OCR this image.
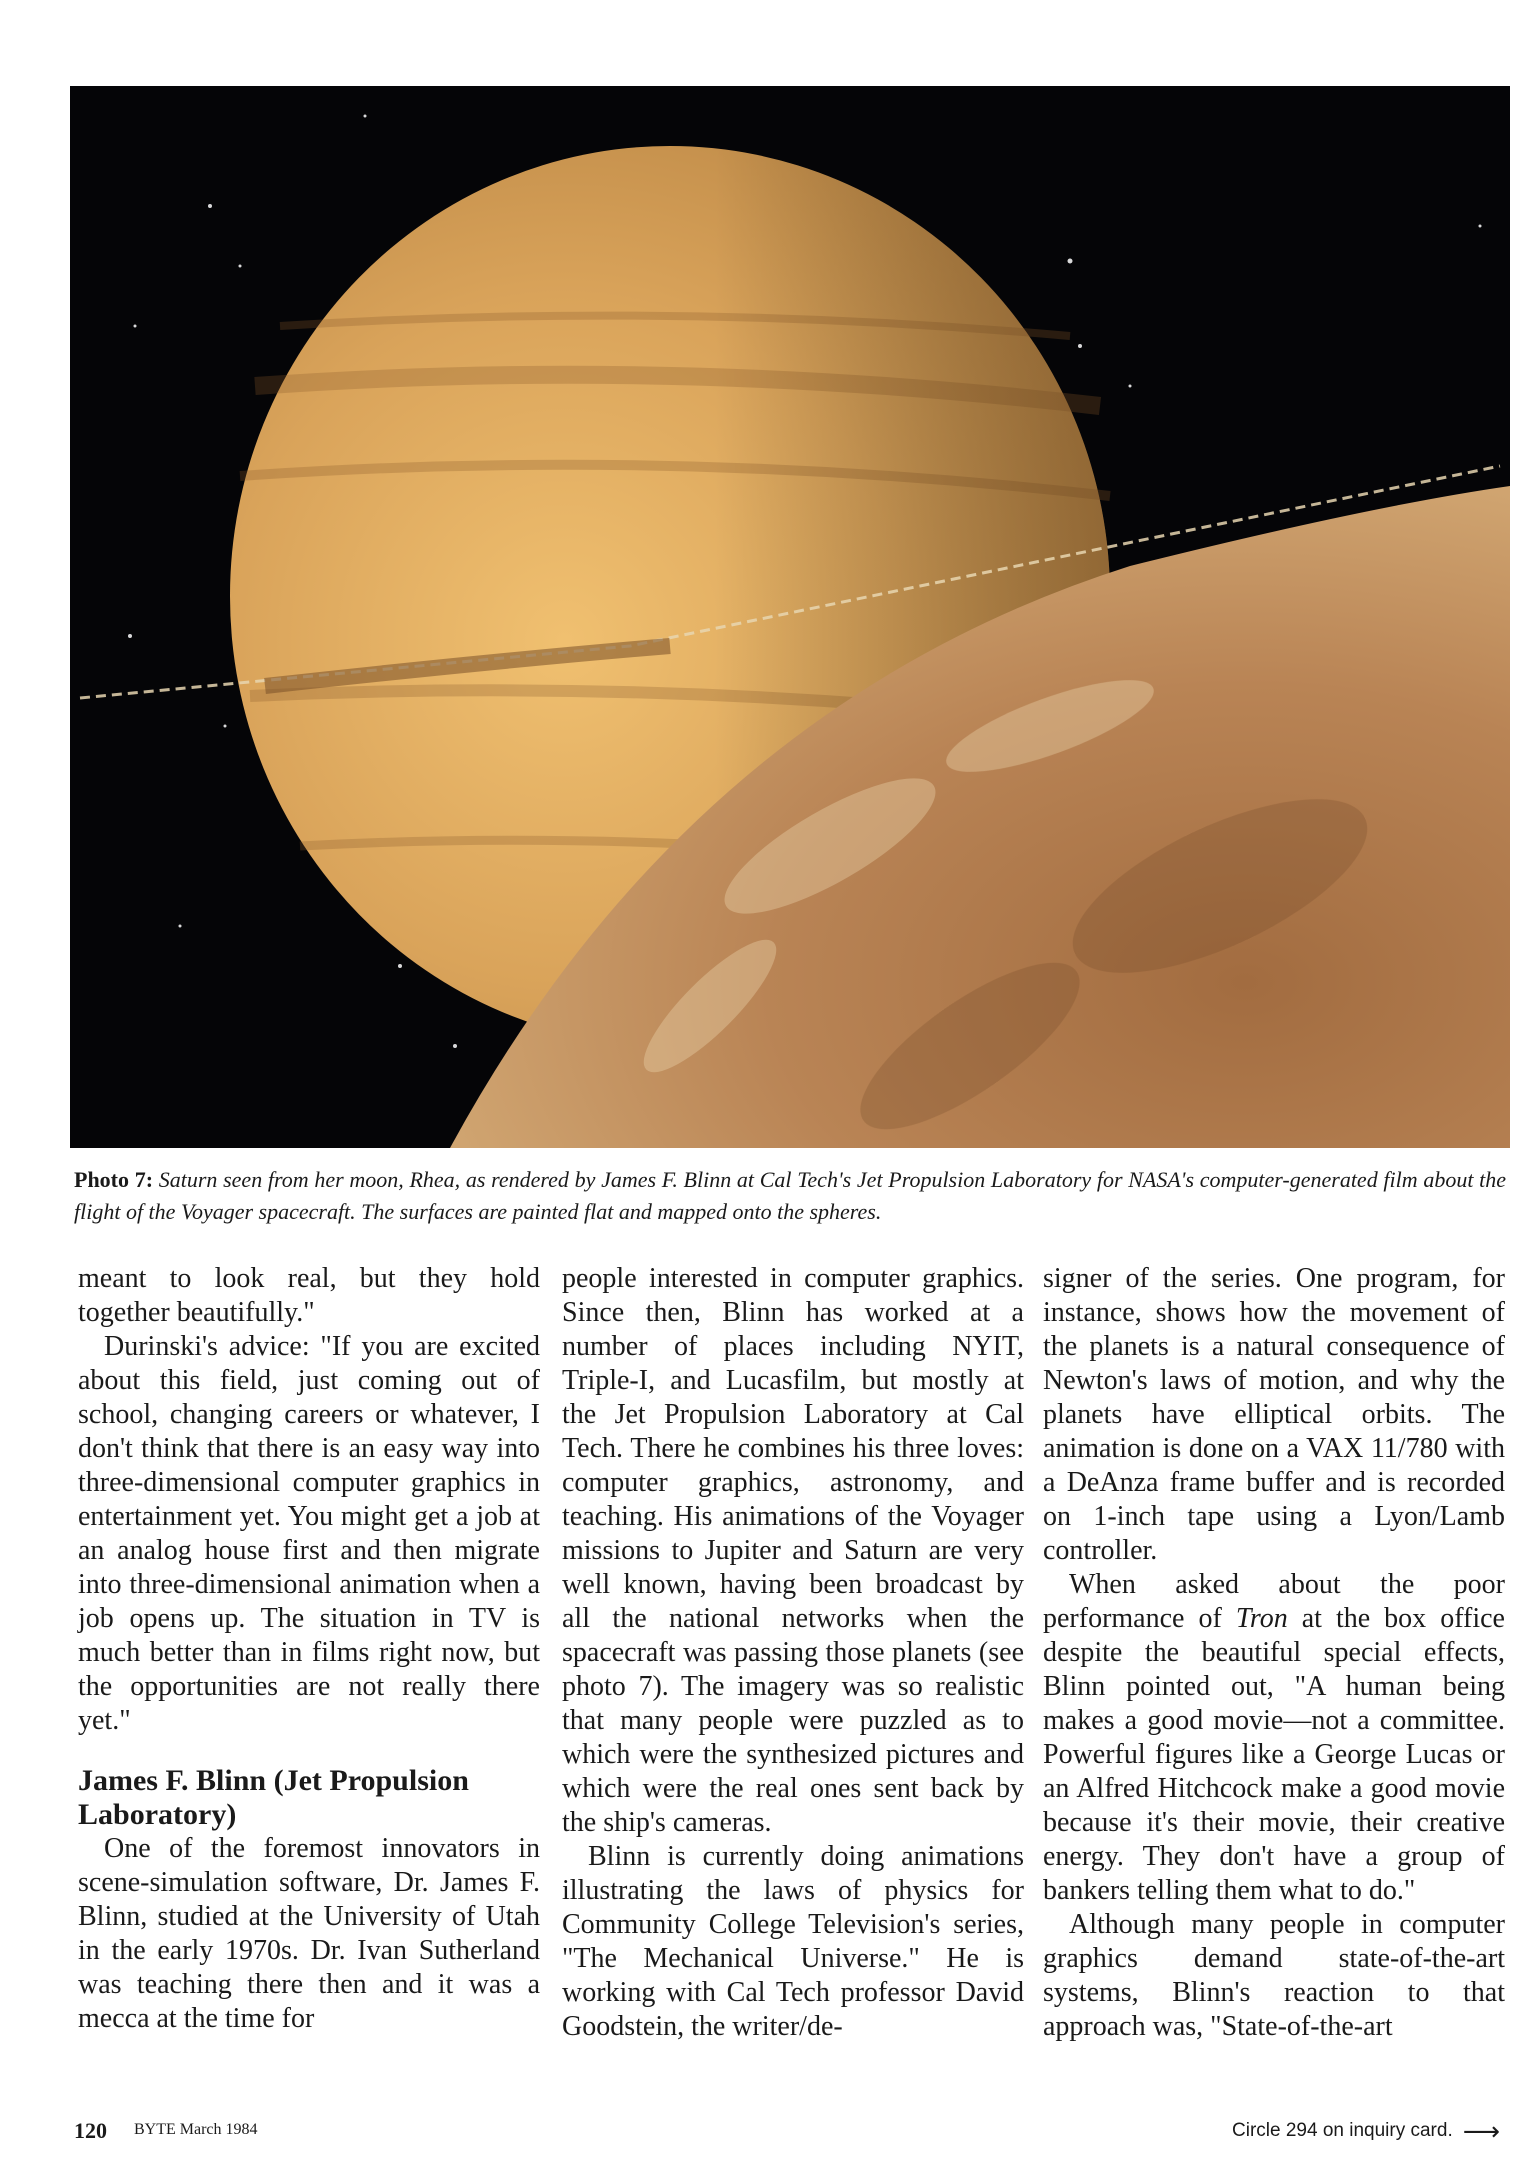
Photo 7: Saturn seen from her moon, Rhea, as rendered by James F. Blinn at Cal Tech's Jet Propulsion Laboratory for NASA's computer-generated film about the flight of the Voyager spacecraft. The surfaces are painted flat and mapped onto the spheres.

meant to look real, but they hold together beautifully."

Durinski's advice: "If you are excited about this field, just coming out of school, changing careers or whatever, I don't think that there is an easy way into three-dimensional computer graphics in entertainment yet. You might get a job at an analog house first and then migrate into three-dimensional animation when a job opens up. The situation in TV is much better than in films right now, but the opportunities are not really there yet."

James F. Blinn (Jet Propulsion Laboratory)

One of the foremost innovators in scene-simulation software, Dr. James F. Blinn, studied at the University of Utah in the early 1970s. Dr. Ivan Sutherland was teaching there then and it was a mecca at the time for

people interested in computer graphics. Since then, Blinn has worked at a number of places including NYIT, Triple-I, and Lucasfilm, but mostly at the Jet Propulsion Laboratory at Cal Tech. There he combines his three loves: computer graphics, astronomy, and teaching. His animations of the Voyager missions to Jupiter and Saturn are very well known, having been broadcast by all the national networks when the spacecraft was passing those planets (see photo 7). The imagery was so realistic that many people were puzzled as to which were the synthesized pictures and which were the real ones sent back by the ship's cameras.

Blinn is currently doing animations illustrating the laws of physics for Community College Television's series, "The Mechanical Universe." He is working with Cal Tech professor David Goodstein, the writer/de-

signer of the series. One program, for instance, shows how the movement of the planets is a natural consequence of Newton's laws of motion, and why the planets have elliptical orbits. The animation is done on a VAX 11/780 with a DeAnza frame buffer and is recorded on 1-inch tape using a Lyon/Lamb controller.

When asked about the poor performance of Tron at the box office despite the beautiful special effects, Blinn pointed out, "A human being makes a good movie—not a committee. Powerful figures like a George Lucas or an Alfred Hitchcock make a good movie because it's their movie, their creative energy. They don't have a group of bankers telling them what to do."

Although many people in computer graphics demand state-of-the-art systems, Blinn's reaction to that approach was, "State-of-the-art

120 BYTE March 1984	Circle 294 on inquiry card. ⟶
